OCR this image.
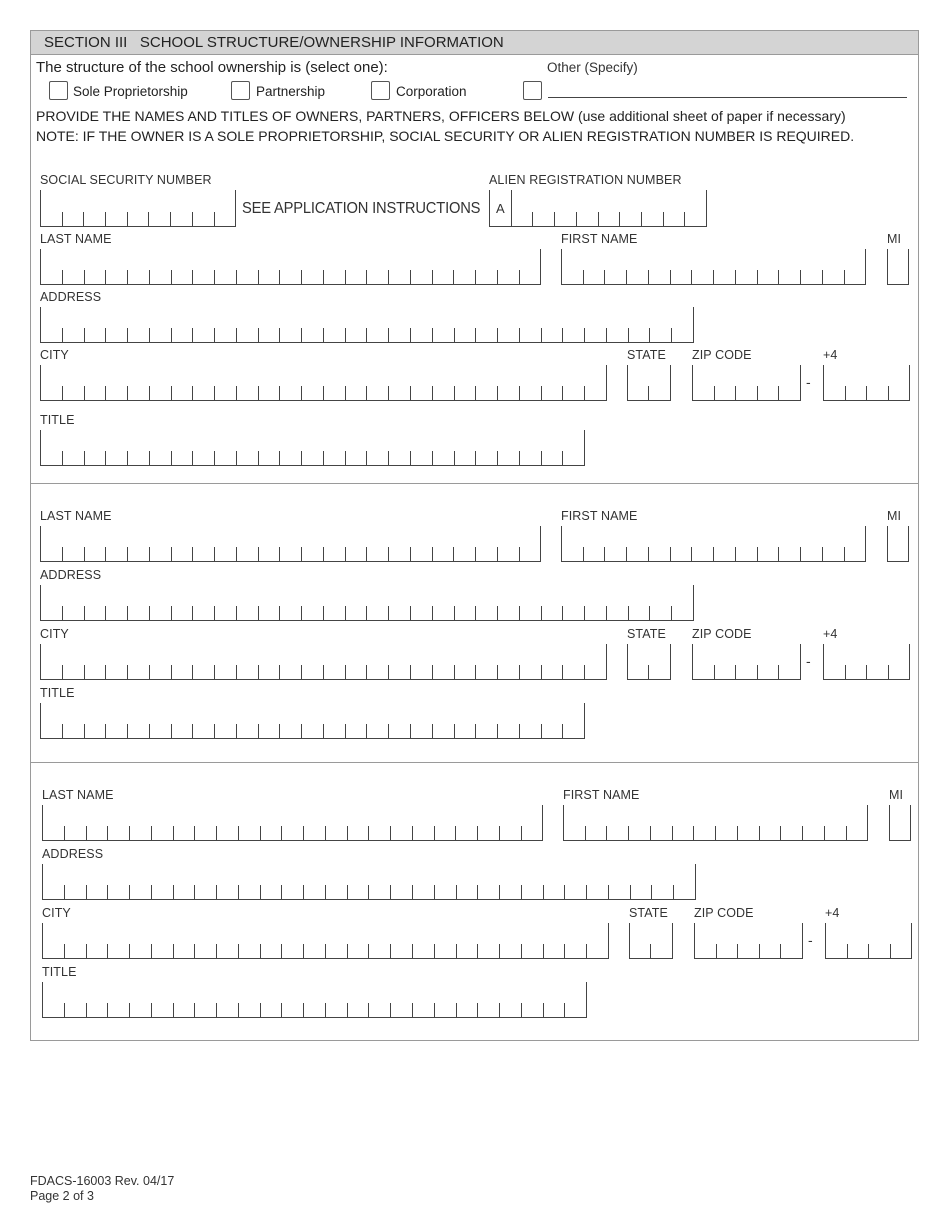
SECTION III SCHOOL STRUCTURE/OWNERSHIP INFORMATION
The structure of the school ownership is (select one):	Other (Specify)
Sole Proprietorship	Partnership	Corporation
PROVIDE THE NAMES AND TITLES OF OWNERS, PARTNERS, OFFICERS BELOW (use additional sheet of paper if necessary)
NOTE: IF THE OWNER IS A SOLE PROPRIETORSHIP, SOCIAL SECURITY OR ALIEN REGISTRATION NUMBER IS REQUIRED.
SOCIAL SECURITY NUMBER	ALIEN REGISTRATION NUMBER
SEE APPLICATION INSTRUCTIONS	A
LAST NAME	FIRST NAME	MI
ADDRESS
CITY	STATE ZIP CODE	+4
-
TITLE
LAST NAME	FIRST NAME	MI
ADDRESS
CITY	STATE ZIP CODE	+4
-
TITLE
LAST NAME	FIRST NAME	MI
ADDRESS
CITY	STATE ZIP CODE	+4
-
TITLE
FDACS-16003 Rev. 04/17
Page 2 of 3
